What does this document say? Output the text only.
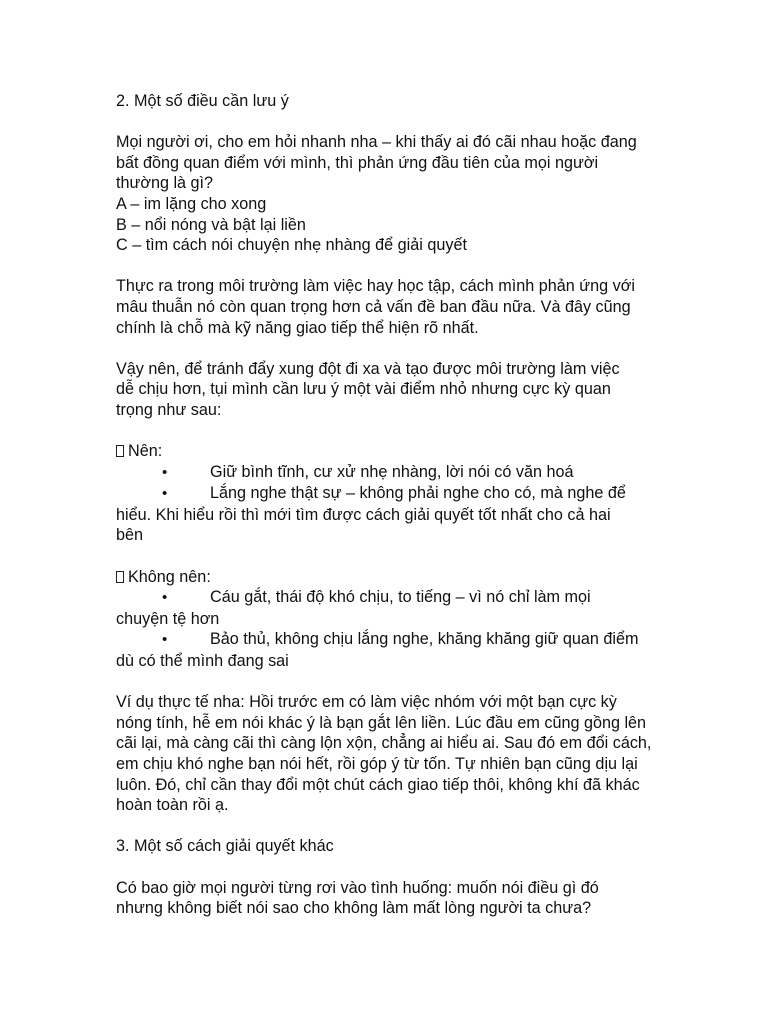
2. Một số điều cần lưu ý

Mọi người ơi, cho em hỏi nhanh nha – khi thấy ai đó cãi nhau hoặc đang

bất đồng quan điểm với mình, thì phản ứng đầu tiên của mọi người

thường là gì?

A – im lặng cho xong

B – nổi nóng và bật lại liền

C – tìm cách nói chuyện nhẹ nhàng để giải quyết

Thực ra trong môi trường làm việc hay học tập, cách mình phản ứng với

mâu thuẫn nó còn quan trọng hơn cả vấn đề ban đầu nữa. Và đây cũng

chính là chỗ mà kỹ năng giao tiếp thể hiện rõ nhất.

Vậy nên, để tránh đẩy xung đột đi xa và tạo được môi trường làm việc

dễ chịu hơn, tụi mình cần lưu ý một vài điểm nhỏ nhưng cực kỳ quan

trọng như sau:

Nên:

•Giữ bình tĩnh, cư xử nhẹ nhàng, lời nói có văn hoá

•Lắng nghe thật sự – không phải nghe cho có, mà nghe để

hiểu. Khi hiểu rồi thì mới tìm được cách giải quyết tốt nhất cho cả hai

bên

Không nên:

•Cáu gắt, thái độ khó chịu, to tiếng – vì nó chỉ làm mọi

chuyện tệ hơn

•Bảo thủ, không chịu lắng nghe, khăng khăng giữ quan điểm

dù có thể mình đang sai

Ví dụ thực tế nha: Hồi trước em có làm việc nhóm với một bạn cực kỳ

nóng tính, hễ em nói khác ý là bạn gắt lên liền. Lúc đầu em cũng gồng lên

cãi lại, mà càng cãi thì càng lộn xộn, chẳng ai hiểu ai. Sau đó em đổi cách,

em chịu khó nghe bạn nói hết, rồi góp ý từ tốn. Tự nhiên bạn cũng dịu lại

luôn. Đó, chỉ cần thay đổi một chút cách giao tiếp thôi, không khí đã khác

hoàn toàn rồi ạ.

3. Một số cách giải quyết khác

Có bao giờ mọi người từng rơi vào tình huống: muốn nói điều gì đó

nhưng không biết nói sao cho không làm mất lòng người ta chưa?
